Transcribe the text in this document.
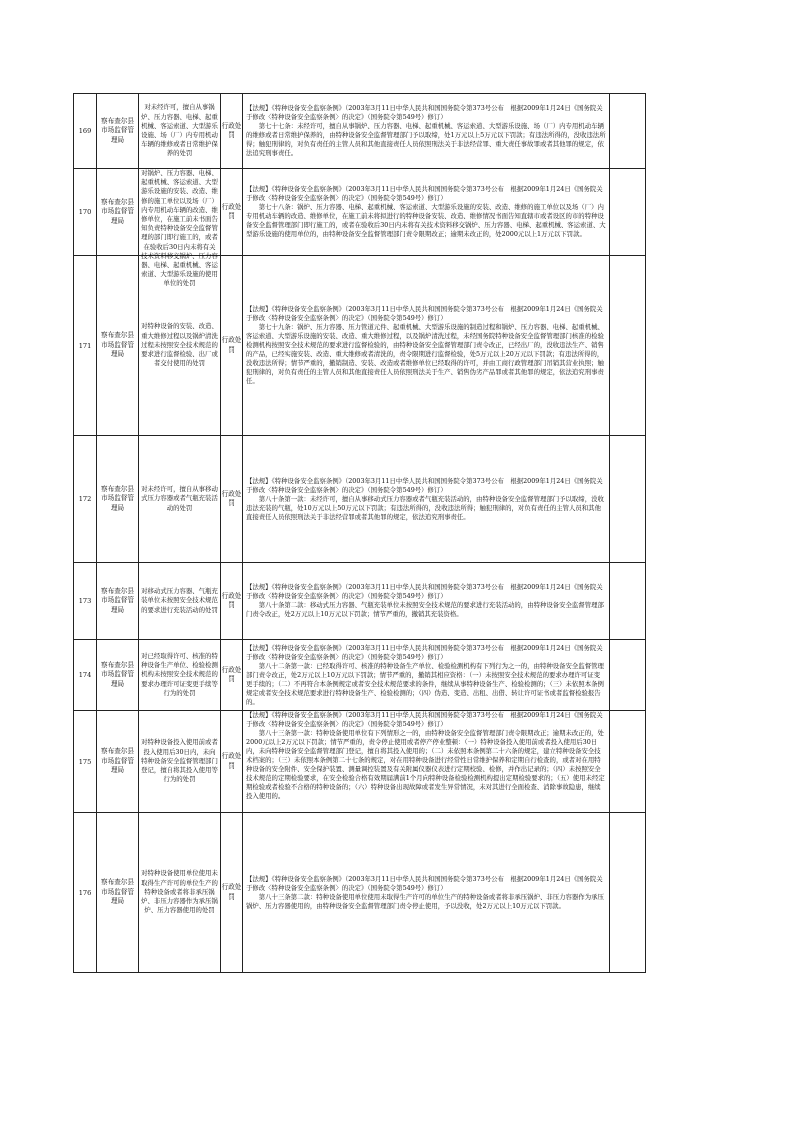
169	察布查尔县市场监督管理局	对未经许可，擅自从事锅炉、压力容器、电梯、起重机械、客运索道、大型游乐设施、场（厂）内专用机动车辆的维修或者日常维护保养的处罚	行政处罚	【法规】《特种设备安全监察条例》（2003年3月11日中华人民共和国国务院令第373号公布　根据2009年1月24日《国务院关于修改〈特种设备安全监察条例〉的决定》（国务院令第549号）修订）
　　第七十七条：未经许可，擅自从事锅炉、压力容器、电梯、起重机械、客运索道、大型游乐设施、场（厂）内专用机动车辆的维修或者日常维护保养的，由特种设备安全监督管理部门予以取缔，处1万元以上5万元以下罚款；有违法所得的，没收违法所得；触犯刑律的，对负有责任的主管人员和其他直接责任人员依照刑法关于非法经营罪、重大责任事故罪或者其他罪的规定，依法追究刑事责任。	

170	察布查尔县市场监督管理局	对锅炉、压力容器、电梯、起重机械、客运索道、大型游乐设施的安装、改造、维修的施工单位以及场（厂）内专用机动车辆的改造、维修单位，在施工前未书面告知负责特种设备安全监督管理的部门即行施工的，或者在验收后30日内未将有关技术资料移交锅炉、压力容器、电梯、起重机械、客运索道、大型游乐设施的使用单位的处罚	行政处罚	【法规】《特种设备安全监察条例》（2003年3月11日中华人民共和国国务院令第373号公布　根据2009年1月24日《国务院关于修改〈特种设备安全监察条例〉的决定》（国务院令第549号）修订）
　　第七十八条：锅炉、压力容器、电梯、起重机械、客运索道、大型游乐设施的安装、改造、维修的施工单位以及场（厂）内专用机动车辆的改造、维修单位，在施工前未将拟进行的特种设备安装、改造、维修情况书面告知直辖市或者设区的市的特种设备安全监督管理部门即行施工的，或者在验收后30日内未将有关技术资料移交锅炉、压力容器、电梯、起重机械、客运索道、大型游乐设施的使用单位的，由特种设备安全监督管理部门责令限期改正；逾期未改正的，处2000元以上1万元以下罚款。	

171	察布查尔县市场监督管理局	对特种设备的安装、改造、重大维修过程以及锅炉清洗过程未按照安全技术规范的要求进行监督检验、出厂或者交付使用的处罚	行政处罚	【法规】《特种设备安全监察条例》（2003年3月11日中华人民共和国国务院令第373号公布　根据2009年1月24日《国务院关于修改〈特种设备安全监察条例〉的决定》（国务院令第549号）修订）
　　第七十九条：锅炉、压力容器、压力管道元件、起重机械、大型游乐设施的制造过程和锅炉、压力容器、电梯、起重机械、客运索道、大型游乐设施的安装、改造、重大维修过程，以及锅炉清洗过程，未经国务院特种设备安全监督管理部门核准的检验检测机构按照安全技术规范的要求进行监督检验的，由特种设备安全监督管理部门责令改正，已经出厂的，没收违法生产、销售的产品，已经实施安装、改造、重大维修或者清洗的，责令限期进行监督检验，处5万元以上20万元以下罚款；有违法所得的，没收违法所得；情节严重的，撤销制造、安装、改造或者维修单位已经取得的许可，并由工商行政管理部门吊销其营业执照；触犯刑律的，对负有责任的主管人员和其他直接责任人员依照刑法关于生产、销售伪劣产品罪或者其他罪的规定，依法追究刑事责任。	

172	察布查尔县市场监督管理局	对未经许可，擅自从事移动式压力容器或者气瓶充装活动的处罚	行政处罚	【法规】《特种设备安全监察条例》（2003年3月11日中华人民共和国国务院令第373号公布　根据2009年1月24日《国务院关于修改〈特种设备安全监察条例〉的决定》（国务院令第549号）修订）
　　第八十条第一款：未经许可，擅自从事移动式压力容器或者气瓶充装活动的，由特种设备安全监督管理部门予以取缔，没收违法充装的气瓶，处10万元以上50万元以下罚款；有违法所得的，没收违法所得；触犯刑律的，对负有责任的主管人员和其他直接责任人员依照刑法关于非法经营罪或者其他罪的规定，依法追究刑事责任。	

173	察布查尔县市场监督管理局	对移动式压力容器、气瓶充装单位未按照安全技术规范的要求进行充装活动的处罚	行政处罚	【法规】《特种设备安全监察条例》（2003年3月11日中华人民共和国国务院令第373号公布　根据2009年1月24日《国务院关于修改〈特种设备安全监察条例〉的决定》（国务院令第549号）修订）
　　第八十条第二款：移动式压力容器、气瓶充装单位未按照安全技术规范的要求进行充装活动的，由特种设备安全监督管理部门责令改正，处2万元以上10万元以下罚款；情节严重的，撤销其充装资格。	

174	察布查尔县市场监督管理局	对已经取得许可、核准的特种设备生产单位、检验检测机构未按照安全技术规范的要求办理许可证变更手续等行为的处罚	行政处罚	【法规】《特种设备安全监察条例》（2003年3月11日中华人民共和国国务院令第373号公布　根据2009年1月24日《国务院关于修改〈特种设备安全监察条例〉的决定》（国务院令第549号）修订）
　　第八十二条第一款：已经取得许可、核准的特种设备生产单位、检验检测机构有下列行为之一的，由特种设备安全监督管理部门责令改正，处2万元以上10万元以下罚款；情节严重的，撤销其相应资格：（一）未按照安全技术规范的要求办理许可证变更手续的；（二）不再符合本条例规定或者安全技术规范要求的条件，继续从事特种设备生产、检验检测的；（三）未依照本条例规定或者安全技术规范要求进行特种设备生产、检验检测的；（四）伪造、变造、出租、出借、转让许可证书或者监督检验报告的。	

175	察布查尔县市场监督管理局	对特种设备投入使用前或者投入使用后30日内，未向特种设备安全监督管理部门登记，擅自将其投入使用等行为的处罚	行政处罚	【法规】《特种设备安全监察条例》（2003年3月11日中华人民共和国国务院令第373号公布　根据2009年1月24日《国务院关于修改〈特种设备安全监察条例〉的决定》（国务院令第549号）修订）
　　第八十三条第一款：特种设备使用单位有下列情形之一的，由特种设备安全监督管理部门责令限期改正；逾期未改正的，处2000元以上2万元以下罚款；情节严重的，责令停止使用或者停产停业整顿：（一）特种设备投入使用前或者投入使用后30日内，未向特种设备安全监督管理部门登记，擅自将其投入使用的；（二）未依照本条例第二十六条的规定，建立特种设备安全技术档案的；（三）未依照本条例第二十七条的规定，对在用特种设备进行经常性日常维护保养和定期自行检查的，或者对在用特种设备的安全附件、安全保护装置、测量调控装置及有关附属仪器仪表进行定期校验、检修，并作出记录的；（四）未按照安全技术规范的定期检验要求，在安全检验合格有效期届满前1个月向特种设备检验检测机构提出定期检验要求的；（五）使用未经定期检验或者检验不合格的特种设备的；（六）特种设备出现故障或者发生异常情况，未对其进行全面检查、消除事故隐患，继续投入使用的。	

176	察布查尔县市场监督管理局	对特种设备使用单位使用未取得生产许可的单位生产的特种设备或者将非承压锅炉、非压力容器作为承压锅炉、压力容器使用的处罚	行政处罚	【法规】《特种设备安全监察条例》（2003年3月11日中华人民共和国国务院令第373号公布　根据2009年1月24日《国务院关于修改〈特种设备安全监察条例〉的决定》（国务院令第549号）修订）
　　第八十三条第二款：特种设备使用单位使用未取得生产许可的单位生产的特种设备或者将非承压锅炉、非压力容器作为承压锅炉、压力容器使用的，由特种设备安全监督管理部门责令停止使用，予以没收，处2万元以上10万元以下罚款。	
